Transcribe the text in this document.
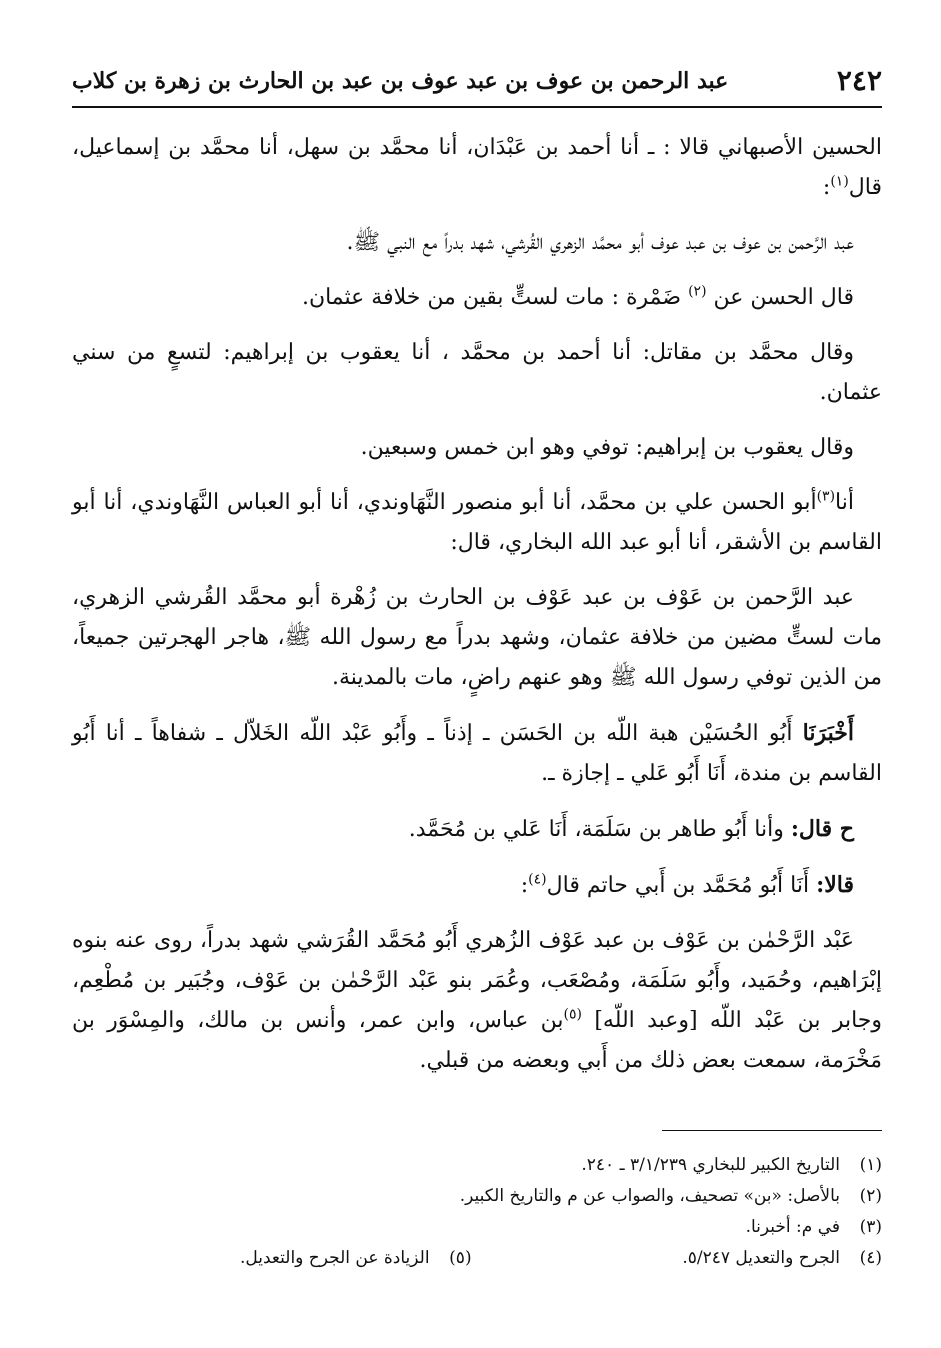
٢٤٢
عبد الرحمن بن عوف بن عبد عوف بن عبد بن الحارث بن زهرة بن كلاب

الحسين الأصبهاني قالا : ـ أنا أحمد بن عَبْدَان، أنا محمَّد بن سهل، أنا محمَّد بن إسماعيل، قال$^{(١)}$:

عبد الرَّحمن بن عوف بن عبد عوف أبو محمَّد الزهري القُرشي، شهد بدراً مع النبي ﷺ.

قال الحسن عن $^{(٢)}$ ضَمْرة : مات لستٍّ بقين من خلافة عثمان.

وقال محمَّد بن مقاتل: أنا أحمد بن محمَّد ، أنا يعقوب بن إبراهيم: لتسعٍ من سني عثمان.

وقال يعقوب بن إبراهيم: توفي وهو ابن خمس وسبعين.

أنا$^{(٣)}$أبو الحسن علي بن محمَّد، أنا أبو منصور النَّهَاوندي، أنا أبو العباس النَّهَاوندي، أنا أبو القاسم بن الأشقر، أنا أبو عبد الله البخاري، قال:

عبد الرَّحمن بن عَوْف بن عبد عَوْف بن الحارث بن زُهْرة أبو محمَّد القُرشي الزهري، مات لستٍّ مضين من خلافة عثمان، وشهد بدراً مع رسول الله ﷺ، هاجر الهجرتين جميعاً، من الذين توفي رسول الله ﷺ وهو عنهم راضٍ، مات بالمدينة.

أَخْبَرَنَا أَبُو الحُسَيْن هبة اللّه بن الحَسَن ـ إذناً ـ وأَبُو عَبْد اللّه الخَلاّل ـ شفاهاً ـ أنا أَبُو القاسم بن مندة، أَنَا أَبُو عَلي ـ إجازة ـ.

ح قال: وأنا أَبُو طاهر بن سَلَمَة، أَنَا عَلي بن مُحَمَّد.

قالا: أَنَا أَبُو مُحَمَّد بن أَبي حاتم قال$^{(٤)}$:

عَبْد الرَّحْمٰن بن عَوْف بن عبد عَوْف الزُهري أَبُو مُحَمَّد القُرَشي شهد بدراً، روى عنه بنوه إبْرَاهيم، وحُمَيد، وأَبُو سَلَمَة، ومُصْعَب، وعُمَر بنو عَبْد الرَّحْمٰن بن عَوْف، وجُبَير بن مُطْعِم، وجابر بن عَبْد اللّه [وعبد اللّه] $^{(٥)}$بن عباس، وابن عمر، وأنس بن مالك، والمِسْوَر بن مَخْرَمة، سمعت بعض ذلك من أَبي وبعضه من قبلي.

(١)التاريخ الكبير للبخاري ٣/١/٢٣٩ ـ ٢٤٠.
(٢)بالأصل: «بن» تصحيف، والصواب عن م والتاريخ الكبير.
(٣)في م: أخبرنا.
(٤)الجرح والتعديل ٥/٢٤٧.
(٥)الزيادة عن الجرح والتعديل.
